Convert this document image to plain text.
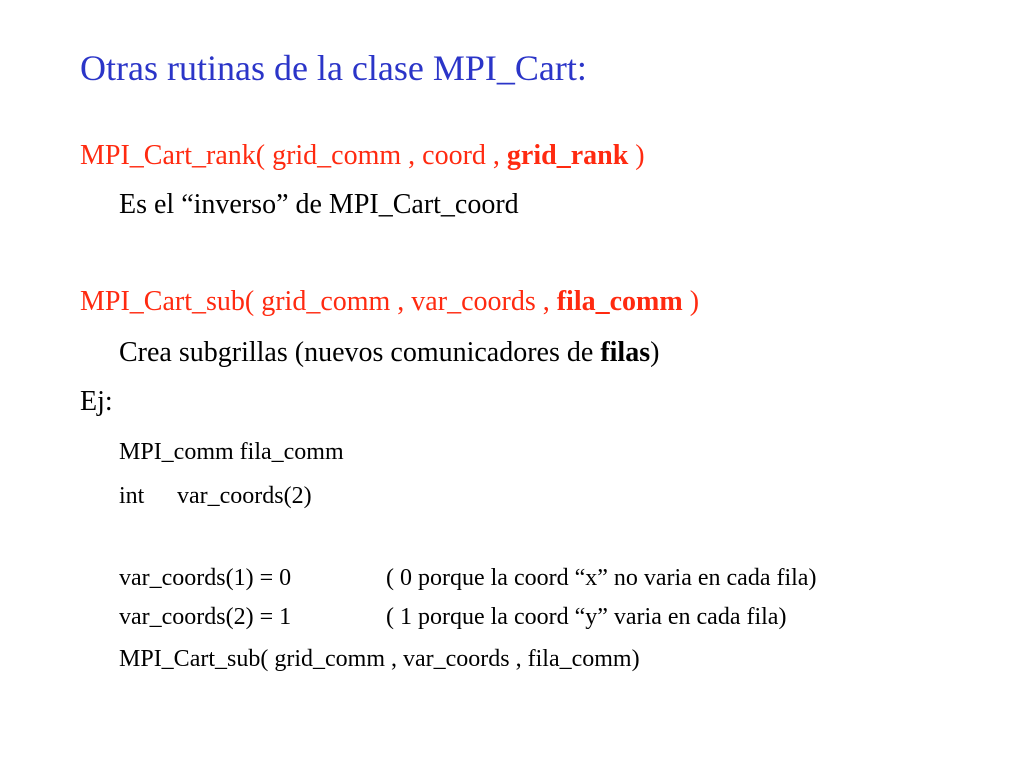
Otras rutinas de la clase MPI_Cart:
MPI_Cart_rank( grid_comm , coord , grid_rank )
Es el “inverso” de MPI_Cart_coord
MPI_Cart_sub( grid_comm , var_coords , fila_comm )
Crea subgrillas (nuevos comunicadores de filas)
Ej:
MPI_comm fila_comm
int var_coords(2)
var_coords(1) = 0	( 0 porque la coord “x” no varia en cada fila)
var_coords(2) = 1	( 1 porque la coord “y” varia en cada fila)
MPI_Cart_sub( grid_comm , var_coords , fila_comm)
